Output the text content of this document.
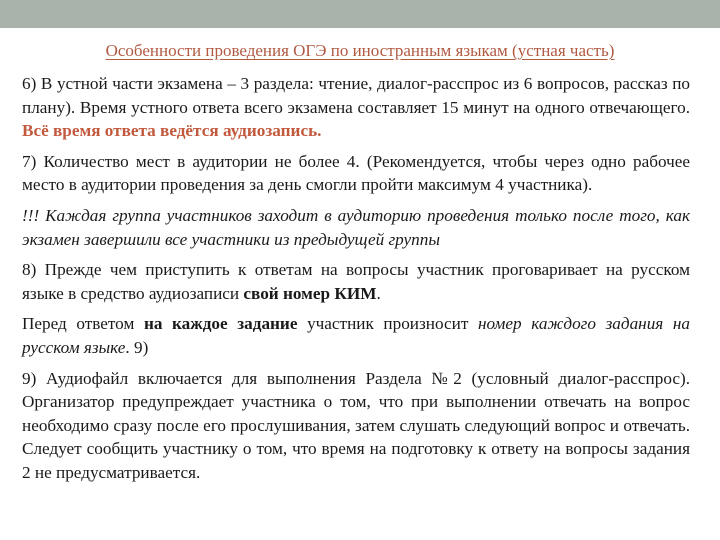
Особенности проведения ОГЭ по иностранным языкам (устная часть)

6) В устной части экзамена – 3 раздела: чтение, диалог-расспрос из 6 вопросов, рассказ по плану). Время устного ответа всего экзамена составляет 15 минут на одного отвечающего. Всё время ответа ведётся аудиозапись.

7) Количество мест в аудитории не более 4. (Рекомендуется, чтобы через одно рабочее место в аудитории проведения за день смогли пройти максимум 4 участника).

!!! Каждая группа участников заходит в аудиторию проведения только после того, как экзамен завершили все участники из предыдущей группы

8) Прежде чем приступить к ответам на вопросы участник проговаривает на русском языке в средство аудиозаписи свой номер КИМ.

Перед ответом на каждое задание участник произносит номер каждого задания на русском языке. 9)

9) Аудиофайл включается для выполнения Раздела №2 (условный диалог-расспрос). Организатор предупреждает участника о том, что при выполнении отвечать на вопрос необходимо сразу после его прослушивания, затем слушать следующий вопрос и отвечать. Следует сообщить участнику о том, что время на подготовку к ответу на вопросы задания 2 не предусматривается.
